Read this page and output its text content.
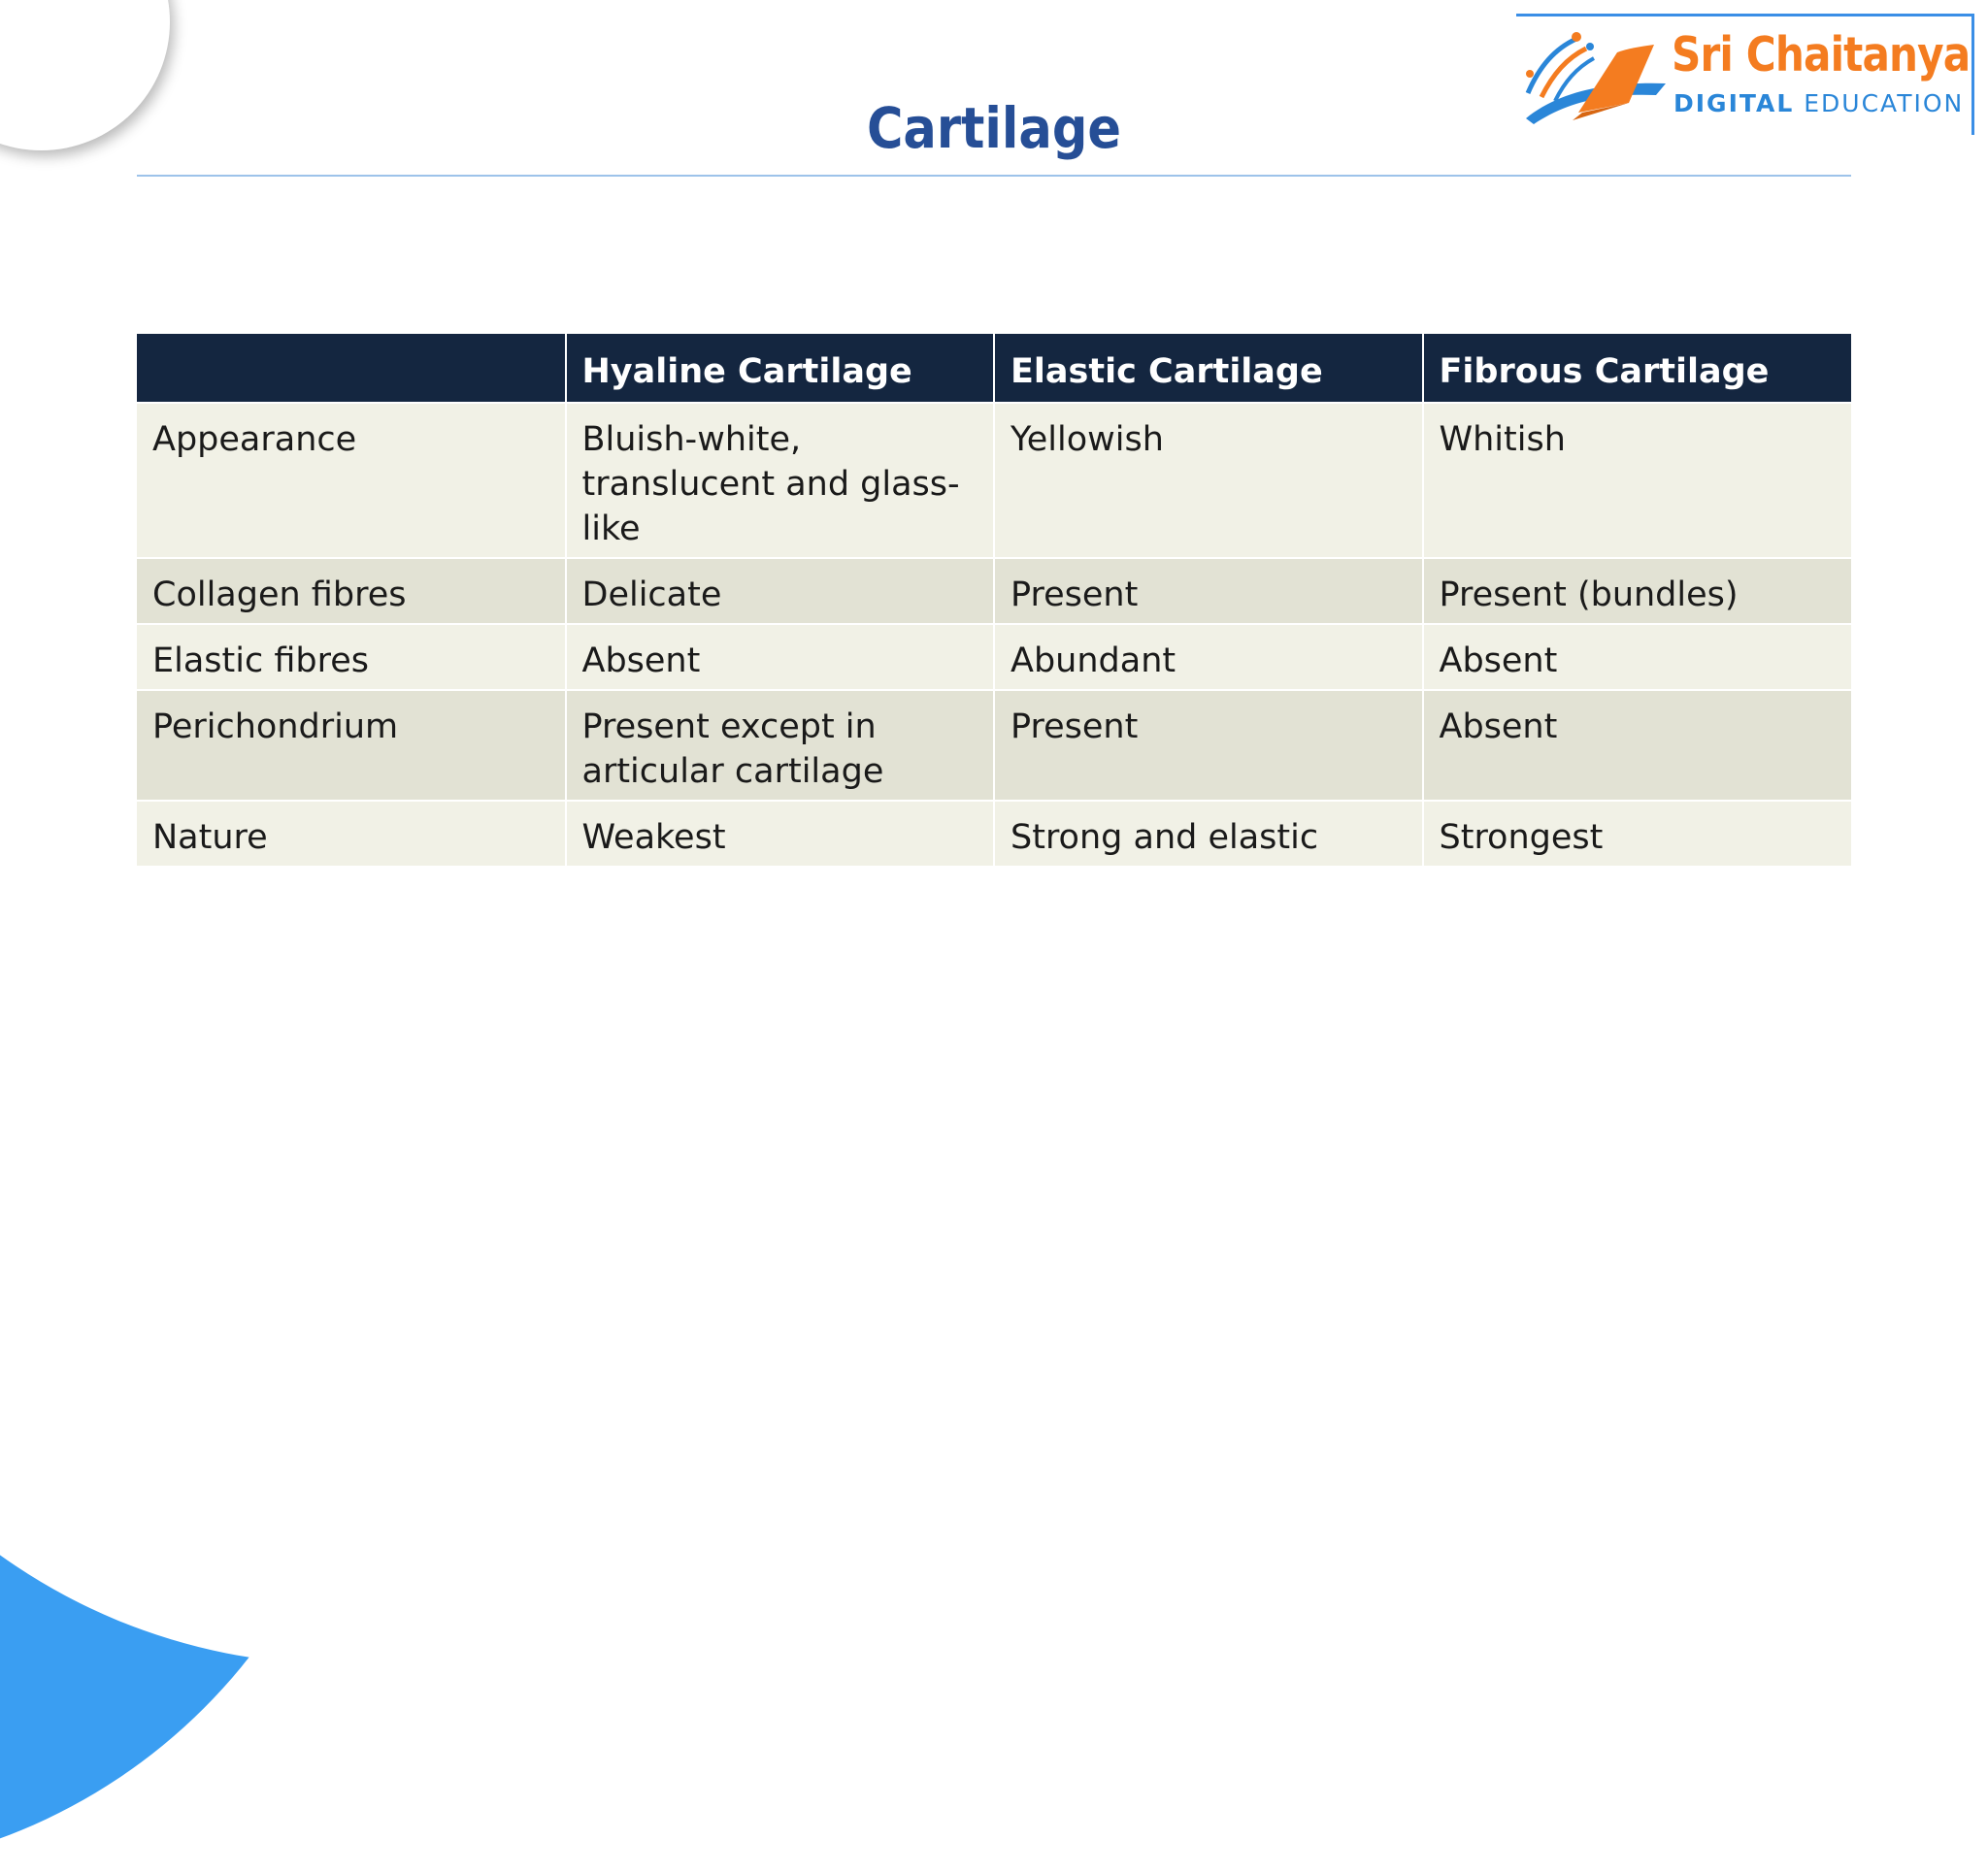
Sri Chaitanya
DIGITAL EDUCATION
Cartilage
	Hyaline Cartilage	Elastic Cartilage	Fibrous Cartilage
Appearance	Bluish-white, translucent and glass-like	Yellowish	Whitish
Collagen fibres	Delicate	Present	Present (bundles)
Elastic fibres	Absent	Abundant	Absent
Perichondrium	Present except in articular cartilage	Present	Absent
Nature	Weakest	Strong and elastic	Strongest
